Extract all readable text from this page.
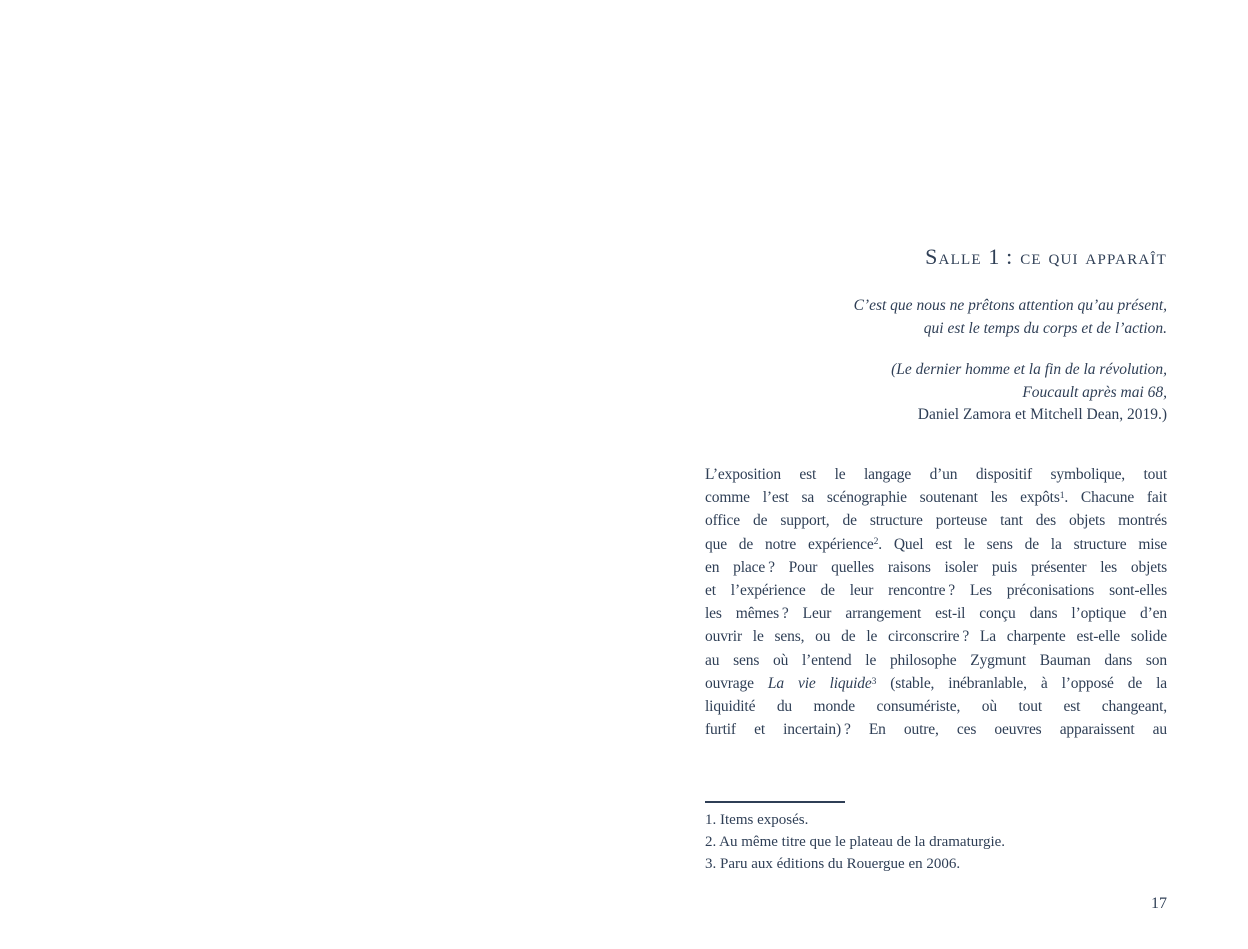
Salle 1 : ce qui apparaît
C’est que nous ne prêtons attention qu’au présent,
qui est le temps du corps et de l’action.
(Le dernier homme et la fin de la révolution,
Foucault après mai 68,
Daniel Zamora et Mitchell Dean, 2019.)
L’exposition est le langage d’un dispositif symbolique, tout
comme l’est sa scénographie soutenant les expôts$^1$. Chacune fait
office de support, de structure porteuse tant des objets montrés
que de notre expérience$^2$. Quel est le sens de la structure mise
en place ? Pour quelles raisons isoler puis présenter les objets
et l’expérience de leur rencontre ? Les préconisations sont-elles
les mêmes ? Leur arrangement est-il conçu dans l’optique d’en
ouvrir le sens, ou de le circonscrire ? La charpente est-elle solide
au sens où l’entend le philosophe Zygmunt Bauman dans son
ouvrage La vie liquide$^3$ (stable, inébranlable, à l’opposé de la
liquidité du monde consumériste, où tout est changeant,
furtif et incertain) ? En outre, ces oeuvres apparaissent au
1. Items exposés.
2. Au même titre que le plateau de la dramaturgie.
3. Paru aux éditions du Rouergue en 2006.
17
